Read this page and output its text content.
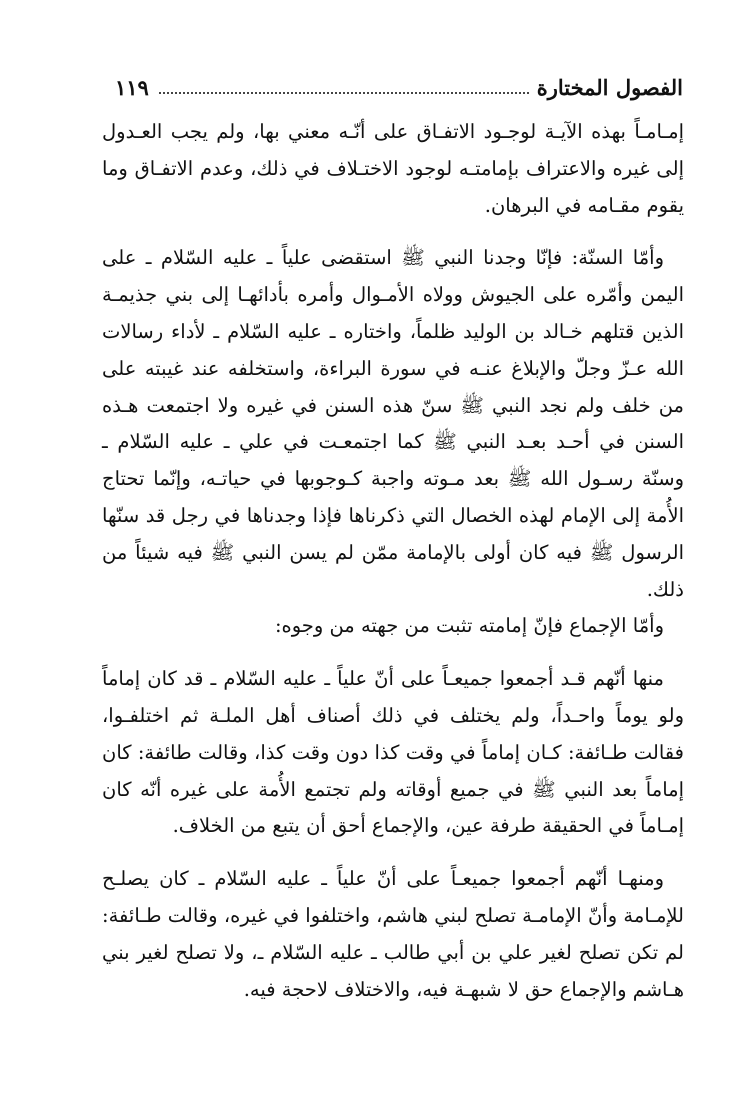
١١٩	الفصول المختارة

إمـامـاً بهذه الآيـة لوجـود الاتفـاق على أنّـه معني بها، ولم يجب العـدول إلى غيره والاعتراف بإمامتـه لوجود الاختـلاف في ذلك، وعدم الاتفـاق وما يقوم مقـامه في البرهان.

وأمّا السنّة: فإنّا وجدنا النبي ﷺ استقضى علياً ـ عليه السّلام ـ على اليمن وأمّره على الجيوش وولاه الأمـوال وأمره بأدائهـا إلى بني جذيمـة الذين قتلهم خـالد بن الوليد ظلماً، واختاره ـ عليه السّلام ـ لأداء رسالات الله عـزّ وجلّ والإبلاغ عنـه في سورة البراءة، واستخلفه عند غيبته على من خلف ولم نجد النبي ﷺ سنّ هذه السنن في غيره ولا اجتمعت هـذه السنن في أحـد بعـد النبي ﷺ كما اجتمعـت في علي ـ عليه السّلام ـ وسنّة رسـول الله ﷺ بعد مـوته واجبة كـوجوبها في حياتـه، وإنّما تحتاج الأُمة إلى الإمام لهذه الخصال التي ذكرناها فإذا وجدناها في رجل قد سنّها الرسول ﷺ فيه كان أولى بالإمامة ممّن لم يسن النبي ﷺ فيه شيئاً من ذلك.

وأمّا الإجماع فإنّ إمامته تثبت من جهته من وجوه:

منها أنّهم قـد أجمعوا جميعـاً على أنّ علياً ـ عليه السّلام ـ قد كان إماماً ولو يوماً واحـداً، ولم يختلف في ذلك أصناف أهل الملـة ثم اختلفـوا، فقالت طـائفة: كـان إماماً في وقت كذا دون وقت كذا، وقالت طائفة: كان إماماً بعد النبي ﷺ في جميع أوقاته ولم تجتمع الأُمة على غيره أنّه كان إمـاماً في الحقيقة طرفة عين، والإجماع أحق أن يتبع من الخلاف.

ومنهـا أنّهم أجمعوا جميعـاً على أنّ علياً ـ عليه السّلام ـ كان يصلـح للإمـامة وأنّ الإمامـة تصلح لبني هاشم، واختلفوا في غيره، وقالت طـائفة: لم تكن تصلح لغير علي بن أبي طالب ـ عليه السّلام ـ، ولا تصلح لغير بني هـاشم والإجماع حق لا شبهـة فيه، والاختلاف لاحجة فيه.
